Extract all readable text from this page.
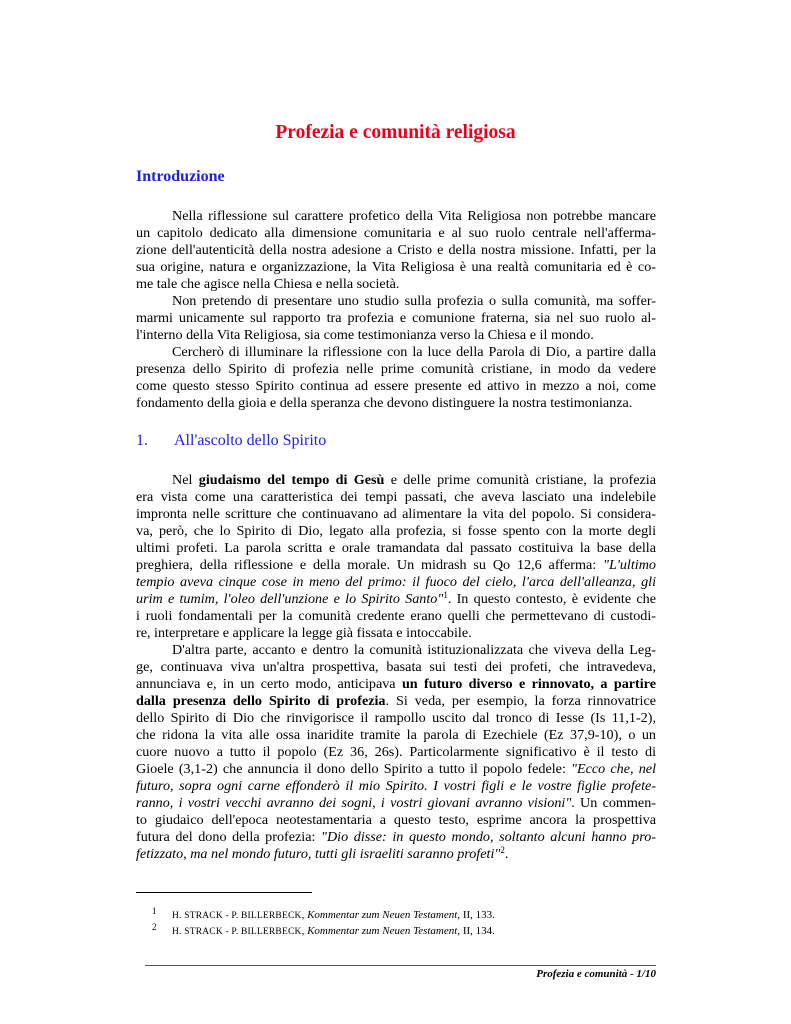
Profezia e comunità religiosa
Introduzione
Nella riflessione sul carattere profetico della Vita Religiosa non potrebbe mancare
un capitolo dedicato alla dimensione comunitaria e al suo ruolo centrale nell'afferma-
zione dell'autenticità della nostra adesione a Cristo e della nostra missione. Infatti, per la
sua origine, natura e organizzazione, la Vita Religiosa è una realtà comunitaria ed è co-
me tale che agisce nella Chiesa e nella società.
Non pretendo di presentare uno studio sulla profezia o sulla comunità, ma soffer-
marmi unicamente sul rapporto tra profezia e comunione fraterna, sia nel suo ruolo al-
l'interno della Vita Religiosa, sia come testimonianza verso la Chiesa e il mondo.
Cercherò di illuminare la riflessione con la luce della Parola di Dio, a partire dalla
presenza dello Spirito di profezia nelle prime comunità cristiane, in modo da vedere
come questo stesso Spirito continua ad essere presente ed attivo in mezzo a noi, come
fondamento della gioia e della speranza che devono distinguere la nostra testimonianza.
1. All'ascolto dello Spirito
Nel giudaismo del tempo di Gesù e delle prime comunità cristiane, la profezia
era vista come una caratteristica dei tempi passati, che aveva lasciato una indelebile
impronta nelle scritture che continuavano ad alimentare la vita del popolo. Si considera-
va, però, che lo Spirito di Dio, legato alla profezia, si fosse spento con la morte degli
ultimi profeti. La parola scritta e orale tramandata dal passato costituiva la base della
preghiera, della riflessione e della morale. Un midrash su Qo 12,6 afferma: "L'ultimo
tempio aveva cinque cose in meno del primo: il fuoco del cielo, l'arca dell'alleanza, gli
urim e tumim, l'oleo dell'unzione e lo Spirito Santo"$^1$. In questo contesto, è evidente che
i ruoli fondamentali per la comunità credente erano quelli che permettevano di custodi-
re, interpretare e applicare la legge già fissata e intoccabile.
D'altra parte, accanto e dentro la comunità istituzionalizzata che viveva della Leg-
ge, continuava viva un'altra prospettiva, basata sui testi dei profeti, che intravedeva,
annunciava e, in un certo modo, anticipava un futuro diverso e rinnovato, a partire
dalla presenza dello Spirito di profezia. Si veda, per esempio, la forza rinnovatrice
dello Spirito di Dio che rinvigorisce il rampollo uscito dal tronco di Iesse (Is 11,1-2),
che ridona la vita alle ossa inaridite tramite la parola di Ezechiele (Ez 37,9-10), o un
cuore nuovo a tutto il popolo (Ez 36, 26s). Particolarmente significativo è il testo di
Gioele (3,1-2) che annuncia il dono dello Spirito a tutto il popolo fedele: "Ecco che, nel
futuro, sopra ogni carne effonderò il mio Spirito. I vostri figli e le vostre figlie profete-
ranno, i vostri vecchi avranno dei sogni, i vostri giovani avranno visioni". Un commen-
to giudaico dell'epoca neotestamentaria a questo testo, esprime ancora la prospettiva
futura del dono della profezia: "Dio disse: in questo mondo, soltanto alcuni hanno pro-
fetizzato, ma nel mondo futuro, tutti gli israeliti saranno profeti"$^2$.
1 H. STRACK - P. BILLERBECK, Kommentar zum Neuen Testament, II, 133.
2 H. STRACK - P. BILLERBECK, Kommentar zum Neuen Testament, II, 134.
Profezia e comunità - 1/10
